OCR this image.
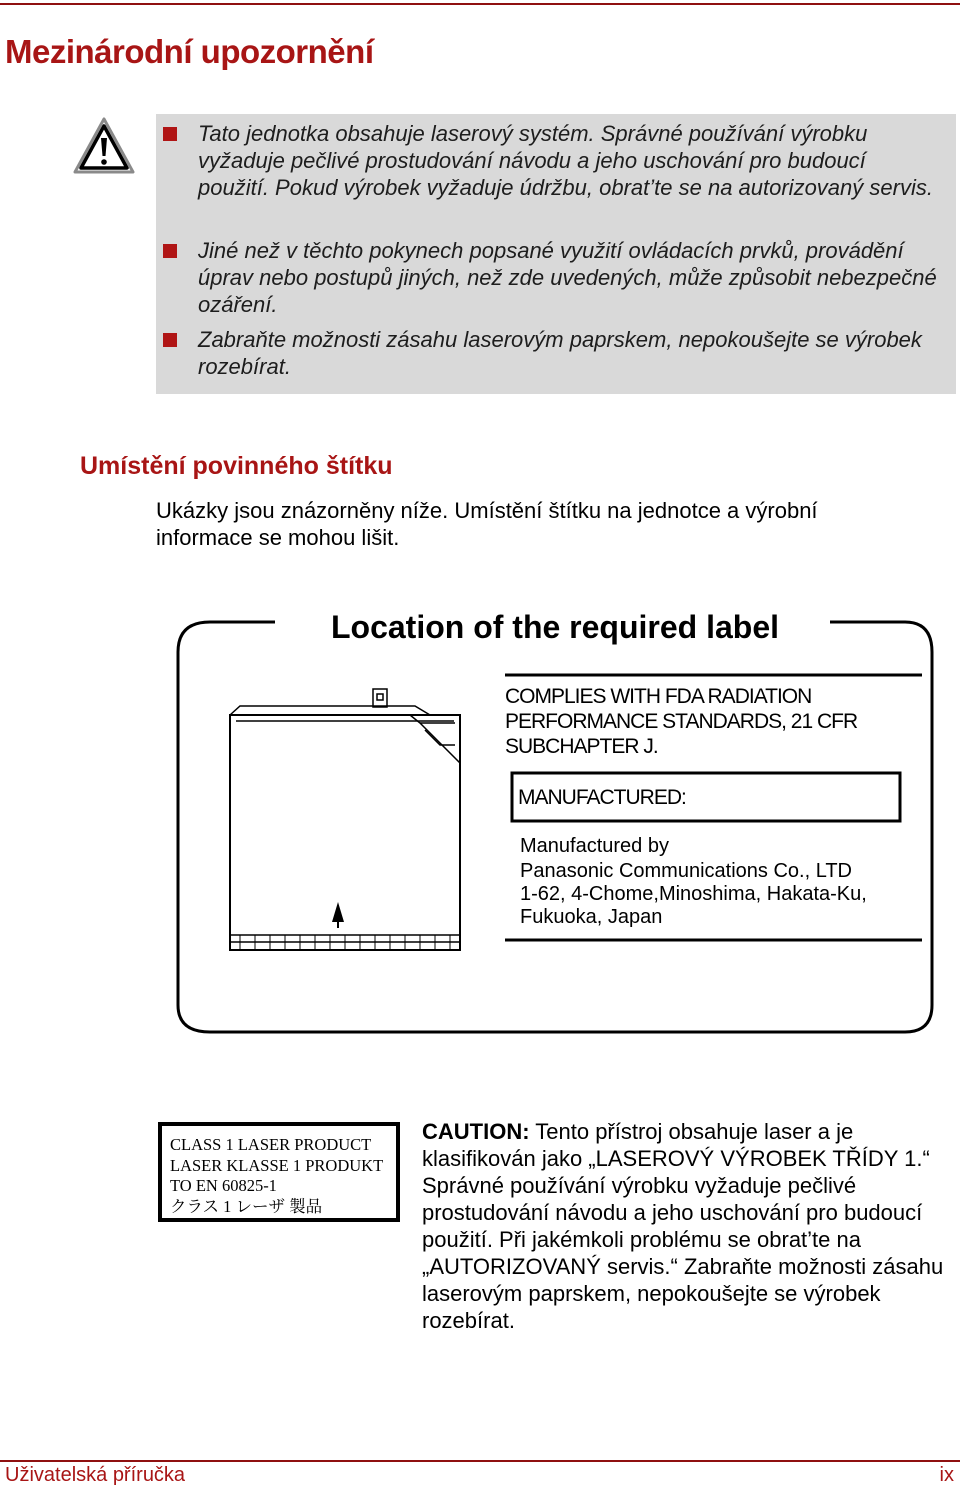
Mezinárodní upozornění
Tato jednotka obsahuje laserový systém. Správné používání výrobku vyžaduje pečlivé prostudování návodu a jeho uschování pro budoucí použití. Pokud výrobek vyžaduje údržbu, obrat’te se na autorizovaný servis.
Jiné než v těchto pokynech popsané využití ovládacích prvků, provádění úprav nebo postupů jiných, než zde uvedených, může způsobit nebezpečné ozáření.
Zabraňte možnosti zásahu laserovým paprskem, nepokoušejte se výrobek rozebírat.
Umístění povinného štítku

Ukázky jsou znázorněny níže. Umístění štítku na jednotce a výrobní informace se mohou lišit.

Location of the required label
COMPLIES WITH FDA RADIATION PERFORMANCE STANDARDS, 21 CFR SUBCHAPTER J.
MANUFACTURED:
Manufactured by Panasonic Communications Co., LTD 1-62, 4-Chome,Minoshima, Hakata-Ku, Fukuoka, Japan
CLASS 1 LASER PRODUCT
LASER KLASSE 1 PRODUKT
TO EN 60825-1
クラス 1 レーザ 製品

CAUTION: Tento přístroj obsahuje laser a je klasifikován jako „LASEROVÝ VÝROBEK TŘÍDY 1.“ Správné používání výrobku vyžaduje pečlivé prostudování návodu a jeho uschování pro budoucí použití. Při jakémkoli problému se obrat’te na „AUTORIZOVANÝ servis.“ Zabraňte možnosti zásahu laserovým paprskem, nepokoušejte se výrobek rozebírat.

Uživatelská příručka	ix
